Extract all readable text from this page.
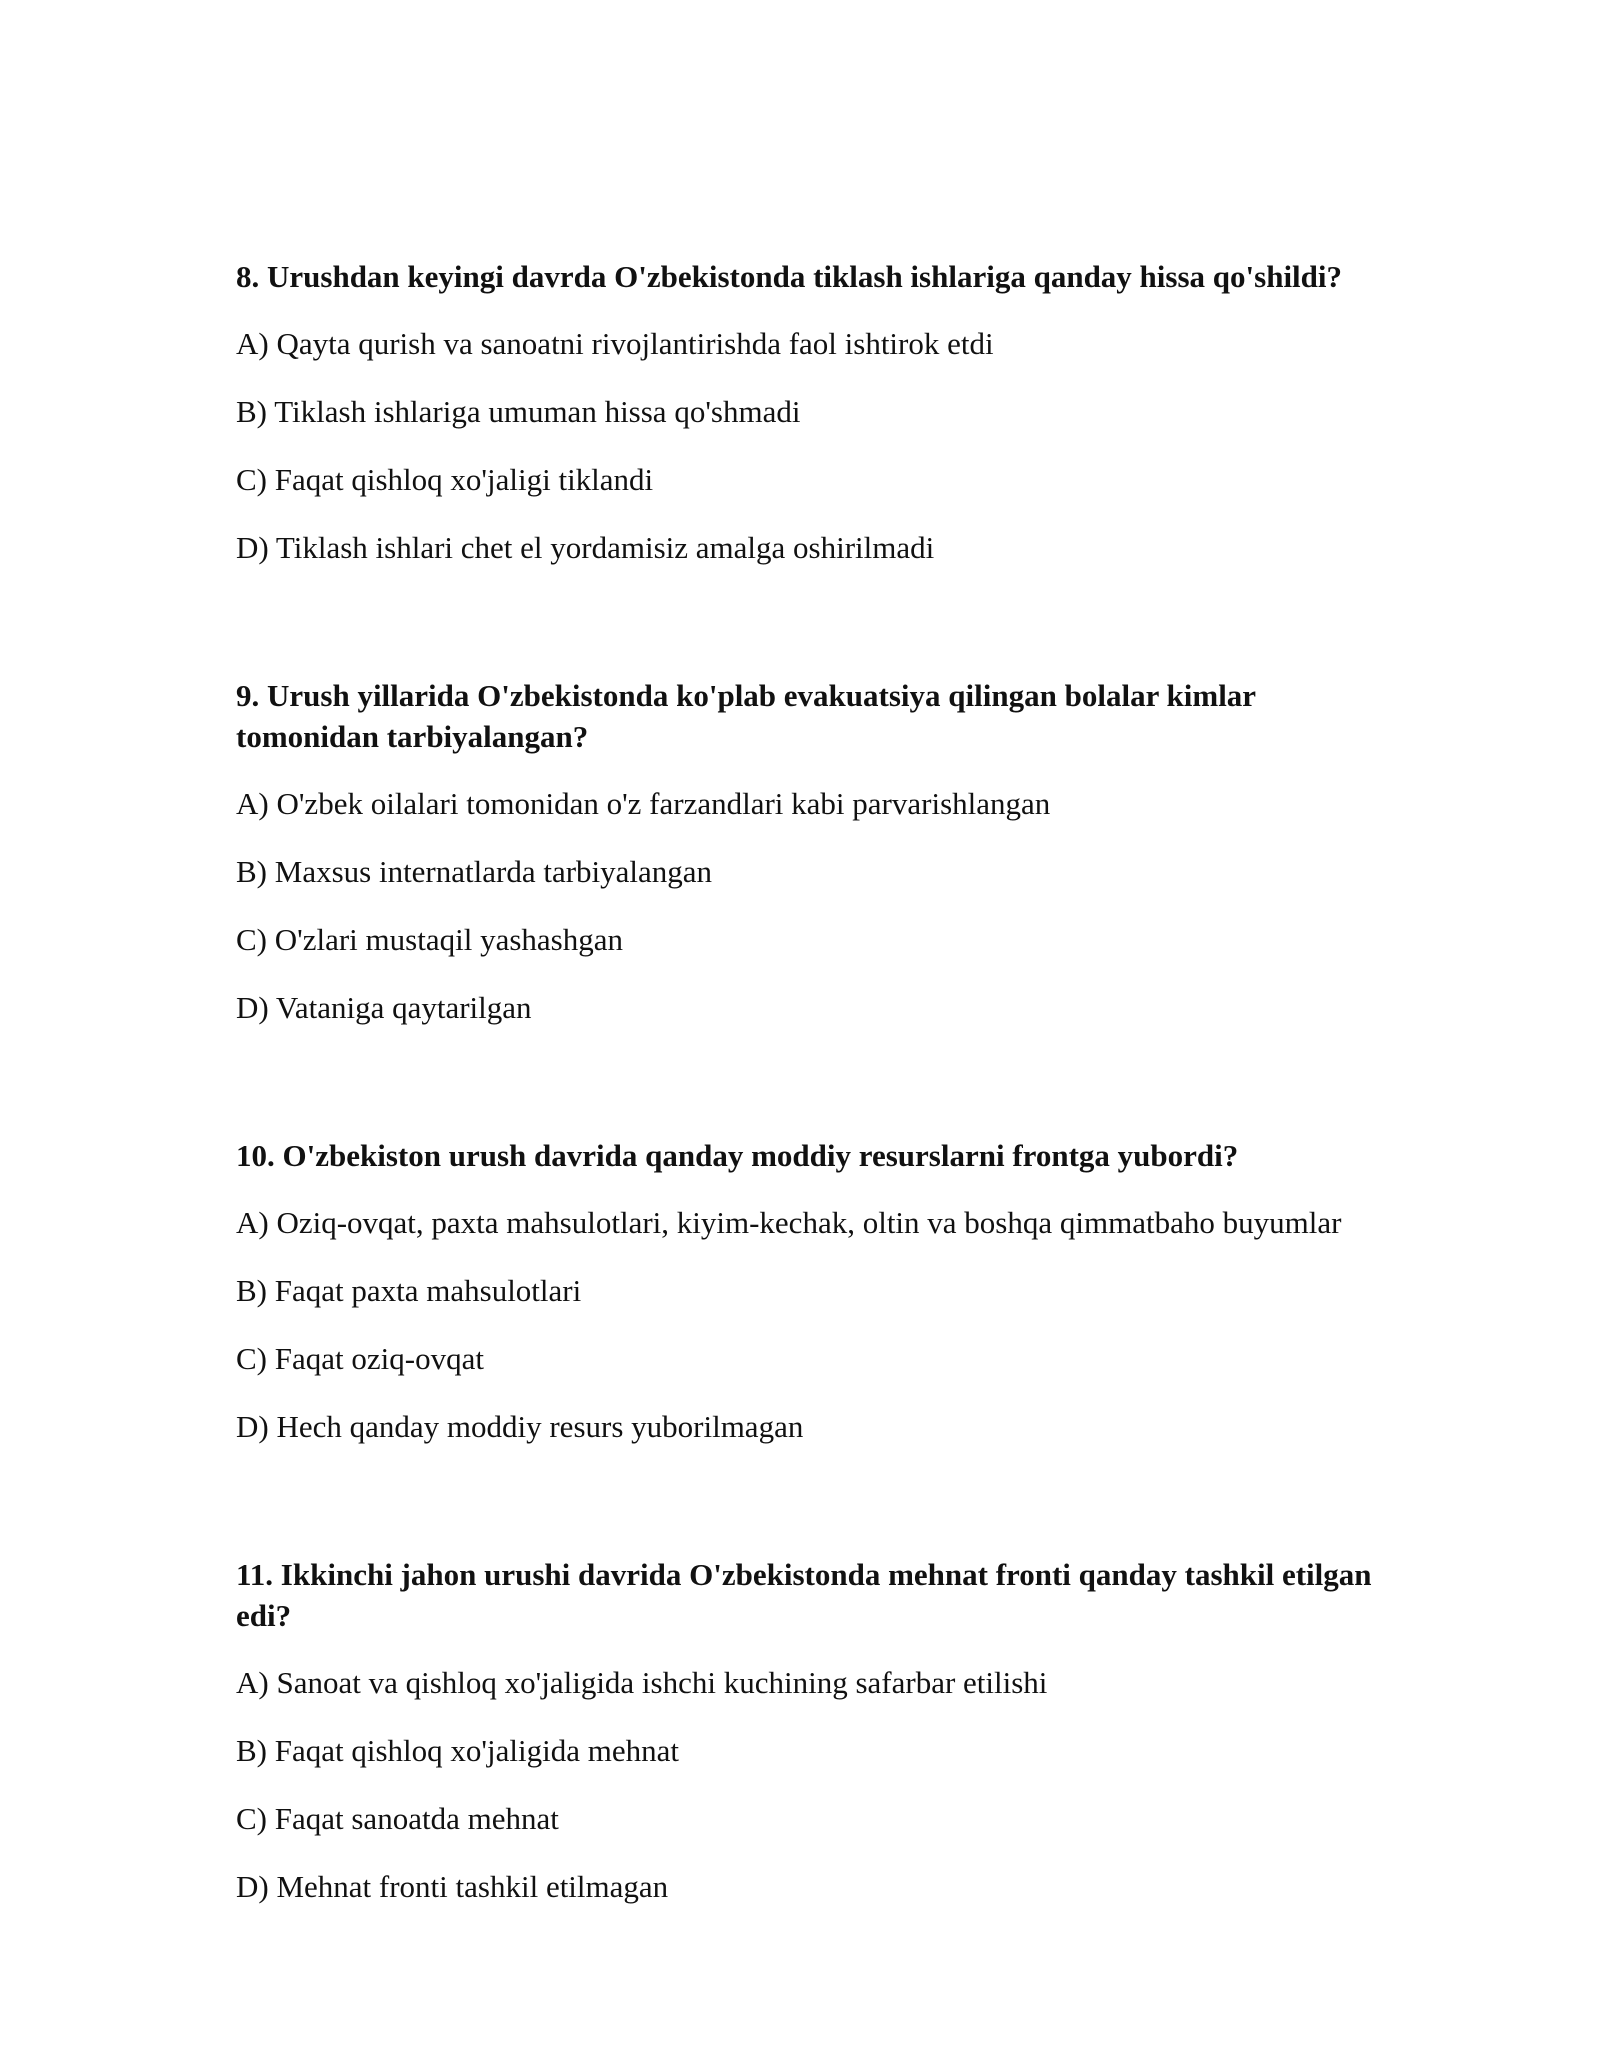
8. Urushdan keyingi davrda O'zbekistonda tiklash ishlariga qanday hissa qo'shildi?

A) Qayta qurish va sanoatni rivojlantirishda faol ishtirok etdi

B) Tiklash ishlariga umuman hissa qo'shmadi

C) Faqat qishloq xo'jaligi tiklandi

D) Tiklash ishlari chet el yordamisiz amalga oshirilmadi

9. Urush yillarida O'zbekistonda ko'plab evakuatsiya qilingan bolalar kimlar tomonidan tarbiyalangan?

A) O'zbek oilalari tomonidan o'z farzandlari kabi parvarishlangan

B) Maxsus internatlarda tarbiyalangan

C) O'zlari mustaqil yashashgan

D) Vataniga qaytarilgan

10. O'zbekiston urush davrida qanday moddiy resurslarni frontga yubordi?

A) Oziq-ovqat, paxta mahsulotlari, kiyim-kechak, oltin va boshqa qimmatbaho buyumlar

B) Faqat paxta mahsulotlari

C) Faqat oziq-ovqat

D) Hech qanday moddiy resurs yuborilmagan

11. Ikkinchi jahon urushi davrida O'zbekistonda mehnat fronti qanday tashkil etilgan edi?

A) Sanoat va qishloq xo'jaligida ishchi kuchining safarbar etilishi

B) Faqat qishloq xo'jaligida mehnat

C) Faqat sanoatda mehnat

D) Mehnat fronti tashkil etilmagan
